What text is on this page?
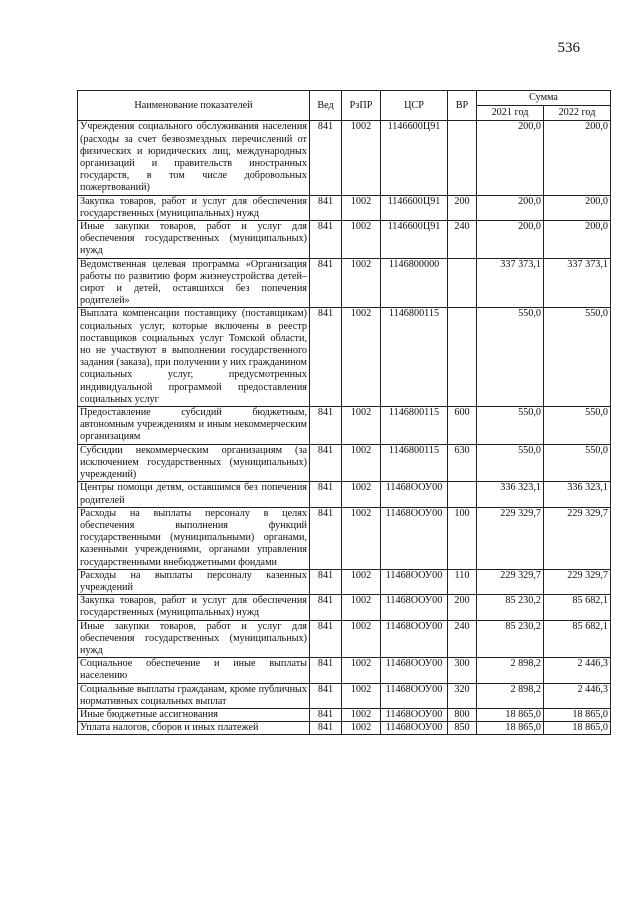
536
Наименование показателей	Вед	РзПР	ЦСР	ВР	Сумма	
					2021 год	2022 год
Учреждения социального обслуживания населения (расходы за счет безвозмездных перечислений от физических и юридических лиц, международных организаций и правительств иностранных государств, в том числе добровольных пожертвований)	841	1002	1146600Ц91		200,0	200,0
Закупка товаров, работ и услуг для обеспечения государственных (муниципальных) нужд	841	1002	1146600Ц91	200	200,0	200,0
Иные закупки товаров, работ и услуг для обеспечения государственных (муниципальных) нужд	841	1002	1146600Ц91	240	200,0	200,0
Ведомственная целевая программа «Организация работы по развитию форм жизнеустройства детей–сирот и детей, оставшихся без попечения родителей»	841	1002	1146800000		337 373,1	337 373,1
Выплата компенсации поставщику (поставщикам) социальных услуг, которые включены в реестр поставщиков социальных услуг Томской области, но не участвуют в выполнении государственного задания (заказа), при получении у них гражданином социальных услуг, предусмотренных индивидуальной программой предоставления социальных услуг	841	1002	1146800115		550,0	550,0
Предоставление субсидий бюджетным, автономным учреждениям и иным некоммерческим организациям	841	1002	1146800115	600	550,0	550,0
Субсидии некоммерческим организациям (за исключением государственных (муниципальных) учреждений)	841	1002	1146800115	630	550,0	550,0
Центры помощи детям, оставшимся без попечения родителей	841	1002	11468ООУ00		336 323,1	336 323,1
Расходы на выплаты персоналу в целях обеспечения выполнения функций государственными (муниципальными) органами, казенными учреждениями, органами управления государственными внебюджетными фондами	841	1002	11468ООУ00	100	229 329,7	229 329,7
Расходы на выплаты персоналу казенных учреждений	841	1002	11468ООУ00	110	229 329,7	229 329,7
Закупка товаров, работ и услуг для обеспечения государственных (муниципальных) нужд	841	1002	11468ООУ00	200	85 230,2	85 682,1
Иные закупки товаров, работ и услуг для обеспечения государственных (муниципальных) нужд	841	1002	11468ООУ00	240	85 230,2	85 682,1
Социальное обеспечение и иные выплаты населению	841	1002	11468ООУ00	300	2 898,2	2 446,3
Социальные выплаты гражданам, кроме публичных нормативных социальных выплат	841	1002	11468ООУ00	320	2 898,2	2 446,3
Иные бюджетные ассигнования	841	1002	11468ООУ00	800	18 865,0	18 865,0
Уплата налогов, сборов и иных платежей	841	1002	11468ООУ00	850	18 865,0	18 865,0
